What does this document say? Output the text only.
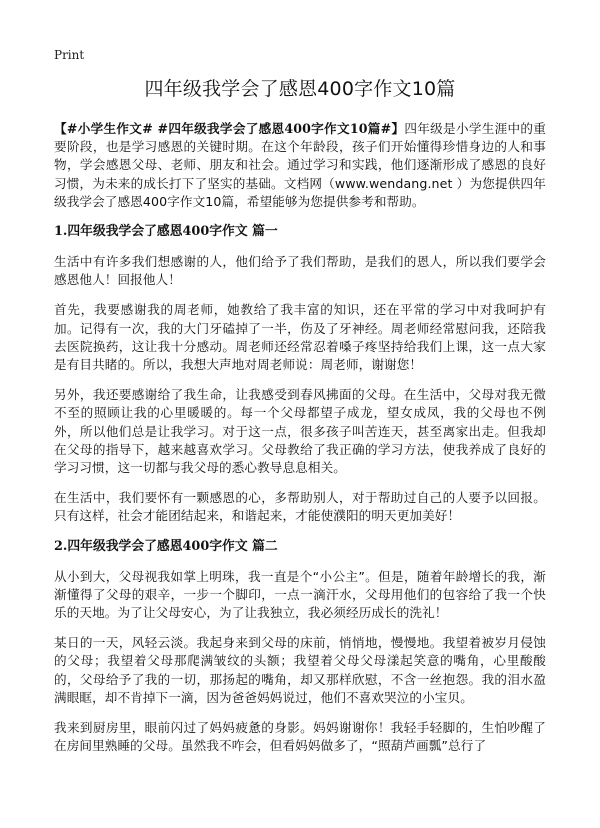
Print
四年级我学会了感恩400字作文10篇

【#小学生作文# #四年级我学会了感恩400字作文10篇#】四年级是小学生涯中的重要阶段，也是学习感恩的关键时期。在这个年龄段，孩子们开始懂得珍惜身边的人和事物，学会感恩父母、老师、朋友和社会。通过学习和实践，他们逐渐形成了感恩的良好习惯，为未来的成长打下了坚实的基础。文档网（www.wendang.net ）为您提供四年级我学会了感恩400字作文10篇，希望能够为您提供参考和帮助。

1.四年级我学会了感恩400字作文 篇一

生活中有许多我们想感谢的人，他们给予了我们帮助，是我们的恩人，所以我们要学会感恩他人！回报他人！

首先，我要感谢我的周老师，她教给了我丰富的知识，还在平常的学习中对我呵护有加。记得有一次，我的大门牙磕掉了一半，伤及了牙神经。周老师经常慰问我，还陪我去医院换药，这让我十分感动。周老师还经常忍着嗓子疼坚持给我们上课，这一点大家是有目共睹的。所以，我想大声地对周老师说：周老师，谢谢您！

另外，我还要感谢给了我生命，让我感受到春风拂面的父母。在生活中，父母对我无微不至的照顾让我的心里暖暖的。每一个父母都望子成龙，望女成凤，我的父母也不例外，所以他们总是让我学习。对于这一点，很多孩子叫苦连天，甚至离家出走。但我却在父母的指导下，越来越喜欢学习。父母教给了我正确的学习方法，使我养成了良好的学习习惯，这一切都与我父母的悉心教导息息相关。

在生活中，我们要怀有一颗感恩的心，多帮助别人，对于帮助过自己的人要予以回报。只有这样，社会才能团结起来，和谐起来，才能使濮阳的明天更加美好！

2.四年级我学会了感恩400字作文 篇二

从小到大，父母视我如掌上明珠，我一直是个“小公主”。但是，随着年龄增长的我，渐渐懂得了父母的艰辛，一步一个脚印，一点一滴汗水，父母用他们的包容给了我一个快乐的天地。为了让父母安心，为了让我独立，我必须经历成长的洗礼！

某日的一天，风轻云淡。我起身来到父母的床前，悄悄地，慢慢地。我望着被岁月侵蚀的父母；我望着父母那爬满皱纹的头额；我望着父母父母漾起笑意的嘴角，心里酸酸的，父母给予了我的一切，那扬起的嘴角，却又那样欣慰，不含一丝抱怨。我的泪水盈满眼眶，却不肯掉下一滴，因为爸爸妈妈说过，他们不喜欢哭泣的小宝贝。

我来到厨房里，眼前闪过了妈妈疲惫的身影。妈妈谢谢你！我轻手轻脚的，生怕吵醒了在房间里熟睡的父母。虽然我不咋会，但看妈妈做多了，“照葫芦画瓢”总行了
